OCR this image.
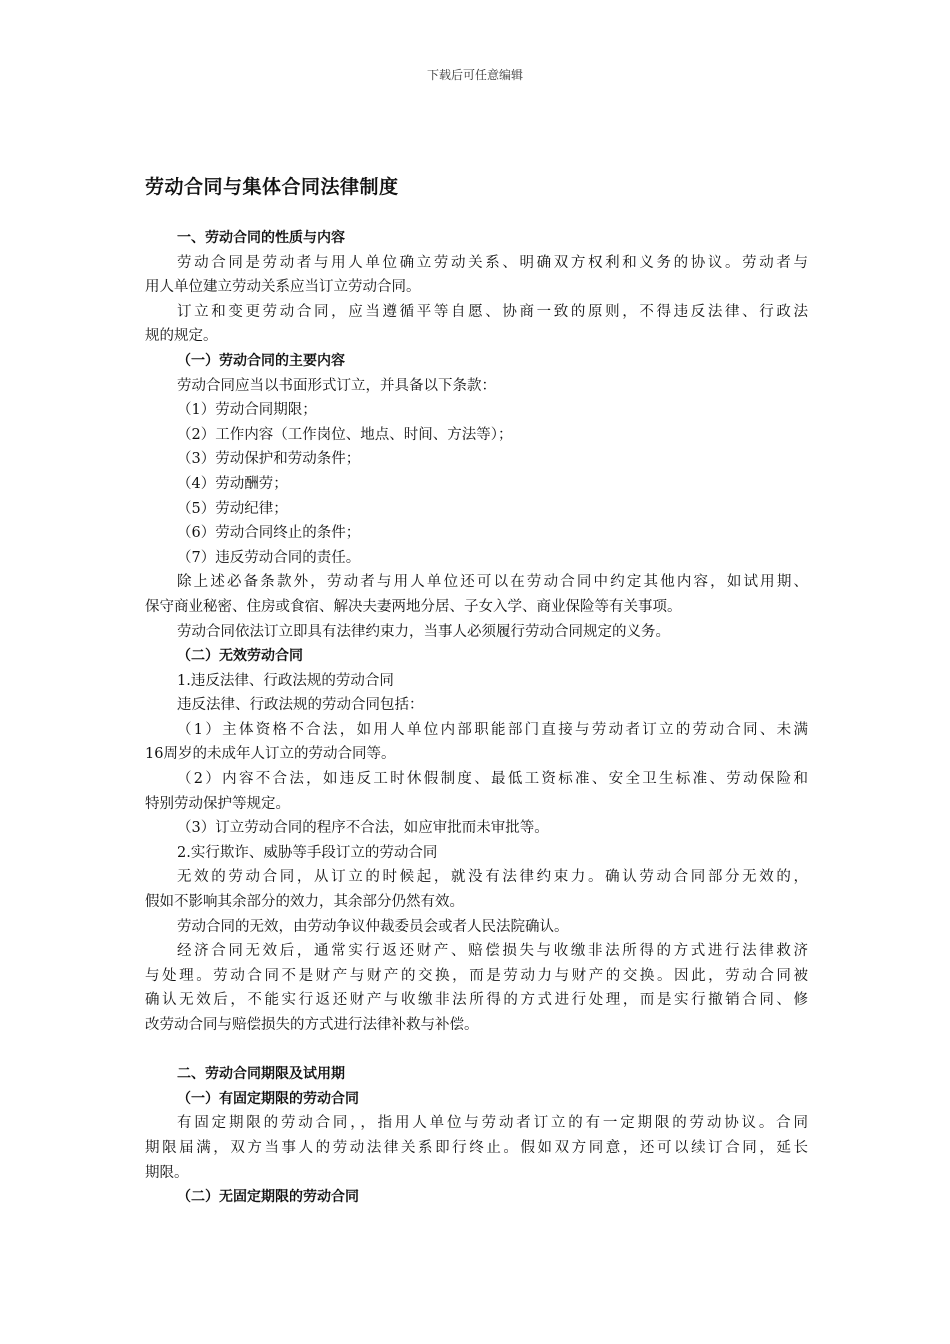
下载后可任意编辑
劳动合同与集体合同法律制度
一、劳动合同的性质与内容
劳动合同是劳动者与用人单位确立劳动关系、明确双方权利和义务的协议。劳动者与
用人单位建立劳动关系应当订立劳动合同。
订立和变更劳动合同，应当遵循平等自愿、协商一致的原则，不得违反法律、行政法
规的规定。
（一）劳动合同的主要内容
劳动合同应当以书面形式订立，并具备以下条款：
（1）劳动合同期限；
（2）工作内容（工作岗位、地点、时间、方法等）；
（3）劳动保护和劳动条件；
（4）劳动酬劳；
（5）劳动纪律；
（6）劳动合同终止的条件；
（7）违反劳动合同的责任。
除上述必备条款外，劳动者与用人单位还可以在劳动合同中约定其他内容，如试用期、
保守商业秘密、住房或食宿、解决夫妻两地分居、子女入学、商业保险等有关事项。
劳动合同依法订立即具有法律约束力，当事人必须履行劳动合同规定的义务。
（二）无效劳动合同
1.违反法律、行政法规的劳动合同
违反法律、行政法规的劳动合同包括：
（1）主体资格不合法，如用人单位内部职能部门直接与劳动者订立的劳动合同、未满
16周岁的未成年人订立的劳动合同等。
（2）内容不合法，如违反工时休假制度、最低工资标准、安全卫生标准、劳动保险和
特别劳动保护等规定。
（3）订立劳动合同的程序不合法，如应审批而未审批等。
2.实行欺诈、威胁等手段订立的劳动合同
无效的劳动合同，从订立的时候起，就没有法律约束力。确认劳动合同部分无效的，
假如不影响其余部分的效力，其余部分仍然有效。
劳动合同的无效，由劳动争议仲裁委员会或者人民法院确认。
经济合同无效后，通常实行返还财产、赔偿损失与收缴非法所得的方式进行法律救济
与处理。劳动合同不是财产与财产的交换，而是劳动力与财产的交换。因此，劳动合同被
确认无效后，不能实行返还财产与收缴非法所得的方式进行处理，而是实行撤销合同、修
改劳动合同与赔偿损失的方式进行法律补救与补偿。
二、劳动合同期限及试用期
（一）有固定期限的劳动合同
有固定期限的劳动合同，，指用人单位与劳动者订立的有一定期限的劳动协议。合同
期限届满，双方当事人的劳动法律关系即行终止。假如双方同意，还可以续订合同，延长
期限。
（二）无固定期限的劳动合同
